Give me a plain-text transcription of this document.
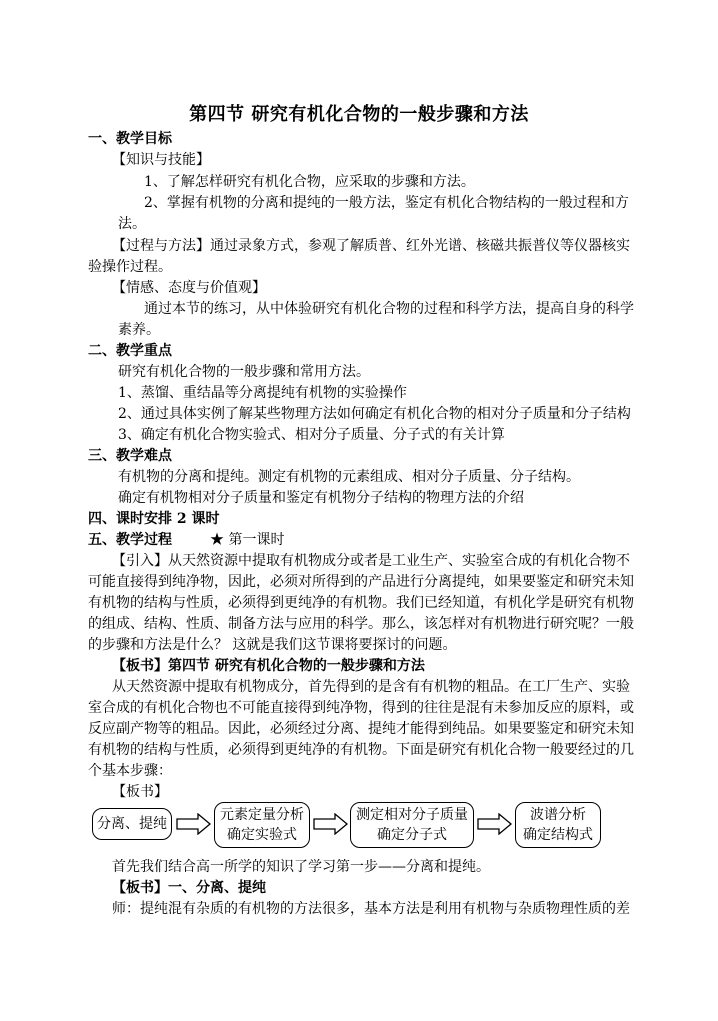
第四节 研究有机化合物的一般步骤和方法
一、教学目标
【知识与技能】
1、了解怎样研究有机化合物，应采取的步骤和方法。
2、掌握有机物的分离和提纯的一般方法，鉴定有机化合物结构的一般过程和方
法。
【过程与方法】通过录象方式，参观了解质普、红外光谱、核磁共振普仪等仪器核实
验操作过程。
【情感、态度与价值观】
通过本节的练习，从中体验研究有机化合物的过程和科学方法，提高自身的科学
素养。
二、教学重点
研究有机化合物的一般步骤和常用方法。
1、蒸馏、重结晶等分离提纯有机物的实验操作
2、通过具体实例了解某些物理方法如何确定有机化合物的相对分子质量和分子结构
3、确定有机化合物实验式、相对分子质量、分子式的有关计算
三、教学难点
有机物的分离和提纯。测定有机物的元素组成、相对分子质量、分子结构。
确定有机物相对分子质量和鉴定有机物分子结构的物理方法的介绍
四、课时安排 2 课时
五、教学过程	★ 第一课时
【引入】从天然资源中提取有机物成分或者是工业生产、实验室合成的有机化合物不
可能直接得到纯净物，因此，必须对所得到的产品进行分离提纯，如果要鉴定和研究未知
有机物的结构与性质，必须得到更纯净的有机物。我们已经知道，有机化学是研究有机物
的组成、结构、性质、制备方法与应用的科学。那么，该怎样对有机物进行研究呢？一般
的步骤和方法是什么？ 这就是我们这节课将要探讨的问题。
【板书】第四节 研究有机化合物的一般步骤和方法
从天然资源中提取有机物成分，首先得到的是含有有机物的粗品。在工厂生产、实验
室合成的有机化合物也不可能直接得到纯净物，得到的往往是混有未参加反应的原料，或
反应副产物等的粗品。因此，必须经过分离、提纯才能得到纯品。如果要鉴定和研究未知
有机物的结构与性质，必须得到更纯净的有机物。下面是研究有机化合物一般要经过的几
个基本步骤：
【板书】
分离、提纯
元素定量分析
确定实验式
测定相对分子质量
确定分子式
波谱分析
确定结构式
首先我们结合高一所学的知识了学习第一步——分离和提纯。
【板书】一、分离、提纯
师：提纯混有杂质的有机物的方法很多，基本方法是利用有机物与杂质物理性质的差
